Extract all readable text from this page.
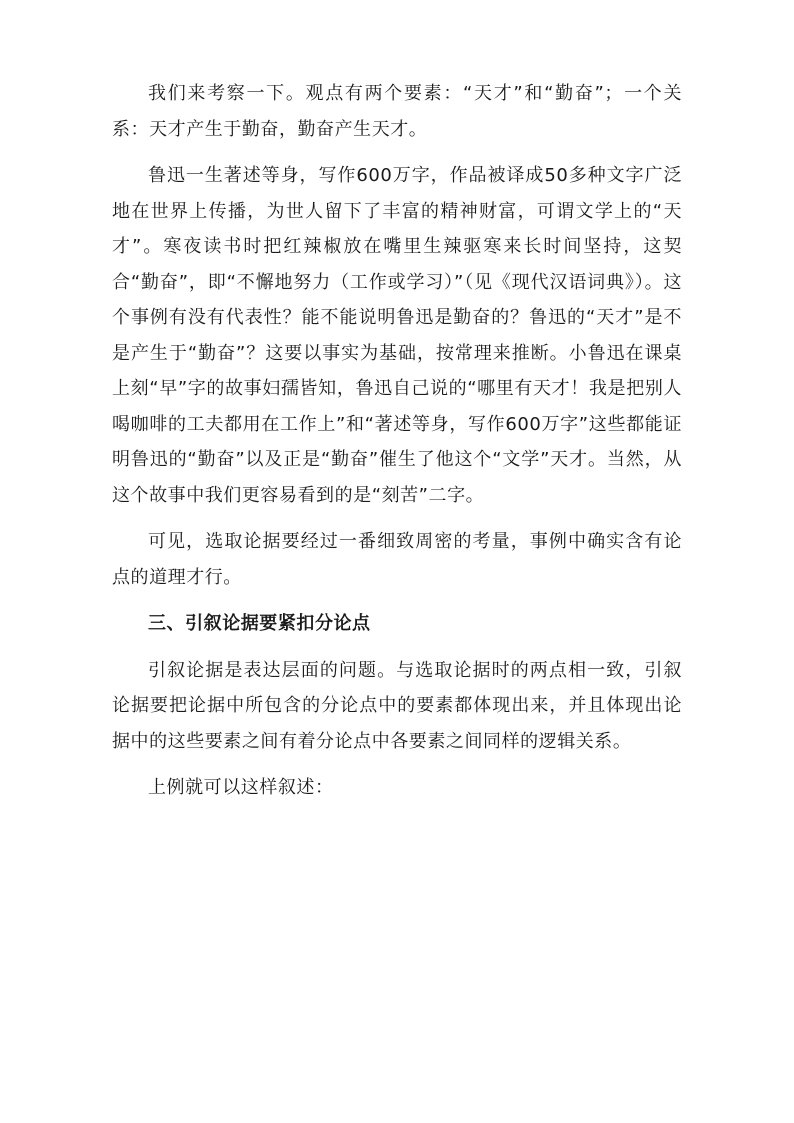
我们来考察一下。观点有两个要素：“天才”和“勤奋”；一个关系：天才产生于勤奋，勤奋产生天才。

鲁迅一生著述等身，写作600万字，作品被译成50多种文字广泛地在世界上传播，为世人留下了丰富的精神财富，可谓文学上的“天才”。寒夜读书时把红辣椒放在嘴里生辣驱寒来长时间坚持，这契合“勤奋”，即“不懈地努力（工作或学习）”（见《现代汉语词典》）。这个事例有没有代表性？能不能说明鲁迅是勤奋的？鲁迅的“天才”是不是产生于“勤奋”？这要以事实为基础，按常理来推断。小鲁迅在课桌上刻“早”字的故事妇孺皆知，鲁迅自己说的“哪里有天才！我是把别人喝咖啡的工夫都用在工作上”和“著述等身，写作600万字”这些都能证明鲁迅的“勤奋”以及正是“勤奋”催生了他这个“文学”天才。当然，从这个故事中我们更容易看到的是“刻苦”二字。

可见，选取论据要经过一番细致周密的考量，事例中确实含有论点的道理才行。

三、引叙论据要紧扣分论点

引叙论据是表达层面的问题。与选取论据时的两点相一致，引叙论据要把论据中所包含的分论点中的要素都体现出来，并且体现出论据中的这些要素之间有着分论点中各要素之间同样的逻辑关系。

上例就可以这样叙述：
